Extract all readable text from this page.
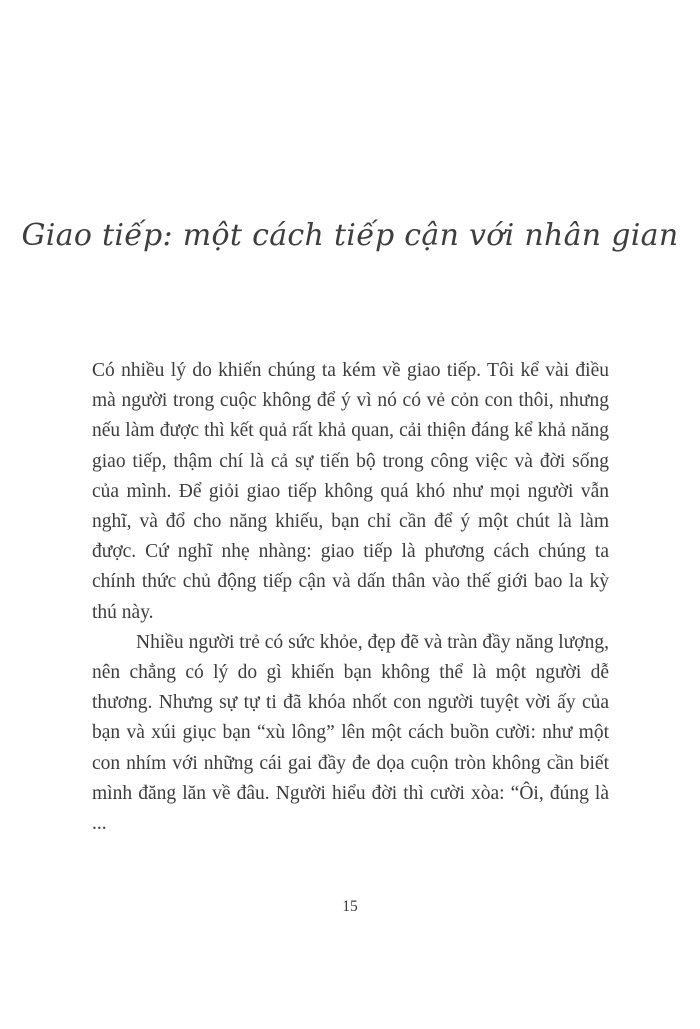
Giao tiếp: một cách tiếp cận với nhân gian

Có nhiều lý do khiến chúng ta kém về giao tiếp. Tôi kể vài điều mà người trong cuộc không để ý vì nó có vẻ cỏn con thôi, nhưng nếu làm được thì kết quả rất khả quan, cải thiện đáng kể khả năng giao tiếp, thậm chí là cả sự tiến bộ trong công việc và đời sống của mình. Để giỏi giao tiếp không quá khó như mọi người vẫn nghĩ, và đổ cho năng khiếu, bạn chỉ cần để ý một chút là làm được. Cứ nghĩ nhẹ nhàng: giao tiếp là phương cách chúng ta chính thức chủ động tiếp cận và dấn thân vào thế giới bao la kỳ thú này.

Nhiều người trẻ có sức khỏe, đẹp đẽ và tràn đầy năng lượng, nên chẳng có lý do gì khiến bạn không thể là một người dễ thương. Nhưng sự tự ti đã khóa nhốt con người tuyệt vời ấy của bạn và xúi giục bạn “xù lông” lên một cách buồn cười: như một con nhím với những cái gai đầy đe dọa cuộn tròn không cần biết mình đăng lăn về đâu. Người hiểu đời thì cười xòa: “Ôi, đúng là ...

15
